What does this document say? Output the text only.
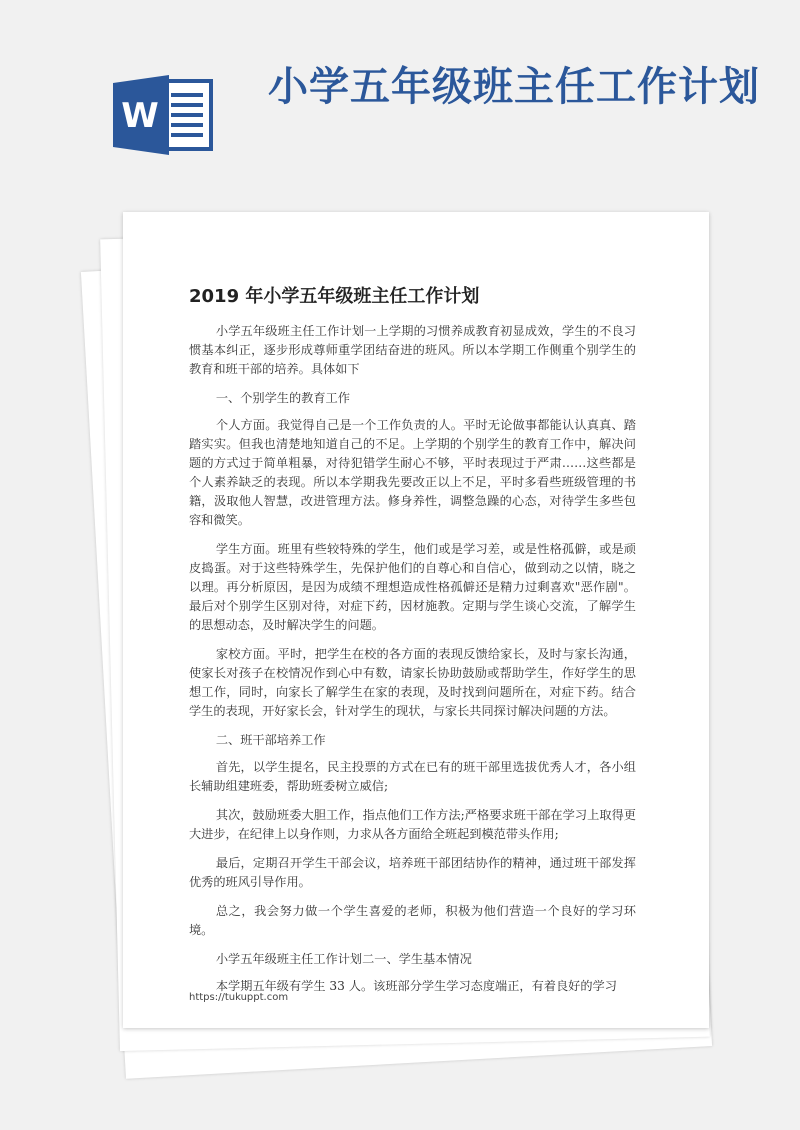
W
小学五年级班主任工作计划
2019 年小学五年级班主任工作计划

小学五年级班主任工作计划一上学期的习惯养成教育初显成效，学生的不良习惯基本纠正，逐步形成尊师重学团结奋进的班风。所以本学期工作侧重个别学生的教育和班干部的培养。具体如下

一、个别学生的教育工作

个人方面。我觉得自己是一个工作负责的人。平时无论做事都能认认真真、踏踏实实。但我也清楚地知道自己的不足。上学期的个别学生的教育工作中，解决问题的方式过于简单粗暴，对待犯错学生耐心不够，平时表现过于严肃……这些都是个人素养缺乏的表现。所以本学期我先要改正以上不足，平时多看些班级管理的书籍，汲取他人智慧，改进管理方法。修身养性，调整急躁的心态，对待学生多些包容和微笑。

学生方面。班里有些较特殊的学生，他们或是学习差，或是性格孤僻，或是顽皮捣蛋。对于这些特殊学生，先保护他们的自尊心和自信心，做到动之以情，晓之以理。再分析原因，是因为成绩不理想造成性格孤僻还是精力过剩喜欢"恶作剧"。最后对个别学生区别对待，对症下药，因材施教。定期与学生谈心交流，了解学生的思想动态，及时解决学生的问题。

家校方面。平时，把学生在校的各方面的表现反馈给家长，及时与家长沟通，使家长对孩子在校情况作到心中有数，请家长协助鼓励或帮助学生，作好学生的思想工作，同时，向家长了解学生在家的表现，及时找到问题所在，对症下药。结合学生的表现，开好家长会，针对学生的现状，与家长共同探讨解决问题的方法。

二、班干部培养工作

首先，以学生提名，民主投票的方式在已有的班干部里选拔优秀人才，各小组长辅助组建班委，帮助班委树立威信;

其次，鼓励班委大胆工作，指点他们工作方法;严格要求班干部在学习上取得更大进步，在纪律上以身作则，力求从各方面给全班起到模范带头作用;

最后，定期召开学生干部会议，培养班干部团结协作的精神，通过班干部发挥优秀的班风引导作用。

总之，我会努力做一个学生喜爱的老师，积极为他们营造一个良好的学习环境。

小学五年级班主任工作计划二一、学生基本情况

本学期五年级有学生 33 人。该班部分学生学习态度端正，有着良好的学习

https://tukuppt.com
